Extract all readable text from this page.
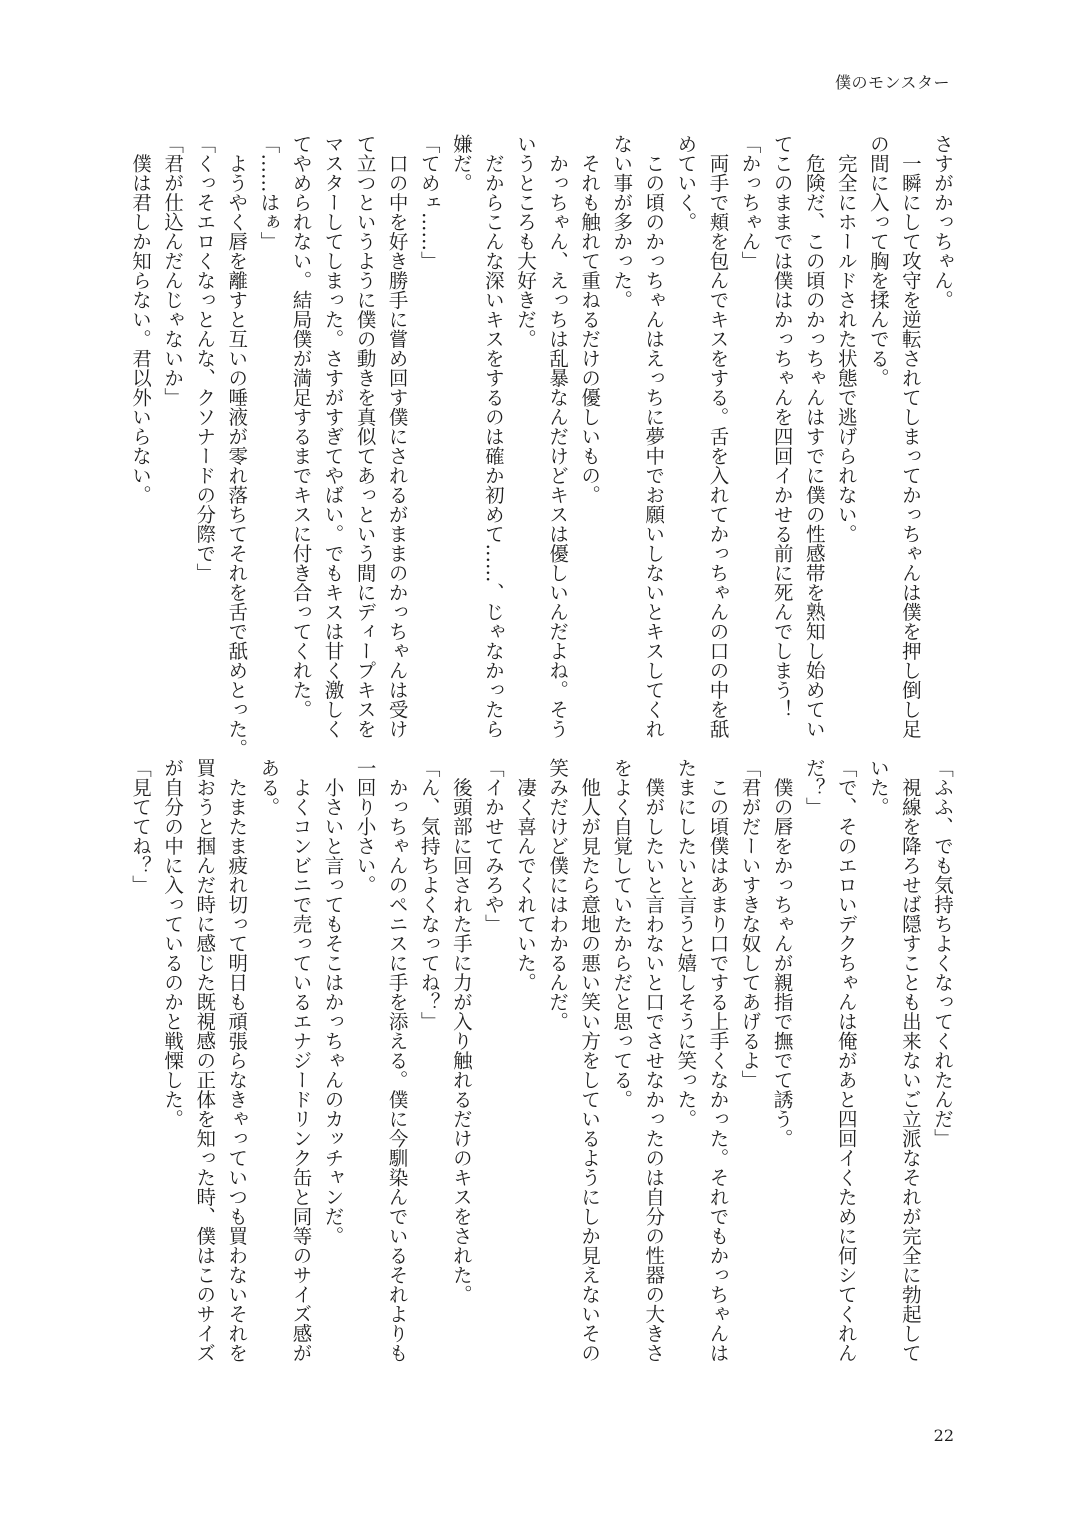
僕のモンスター
さすがかっちゃん。
　一瞬にして攻守を逆転されてしまってかっちゃんは僕を押し倒し足
の間に入って胸を揉んでる。
　完全にホールドされた状態で逃げられない。
　危険だ、この頃のかっちゃんはすでに僕の性感帯を熟知し始めてい
てこのままでは僕はかっちゃんを四回イかせる前に死んでしまう！
「かっちゃん」
　両手で頬を包んでキスをする。舌を入れてかっちゃんの口の中を舐
めていく。
　この頃のかっちゃんはえっちに夢中でお願いしないとキスしてくれ
ない事が多かった。
　それも触れて重ねるだけの優しいもの。
　かっちゃん、えっちは乱暴なんだけどキスは優しいんだよね。そう
いうところも大好きだ。
　だからこんな深いキスをするのは確か初めて……、じゃなかったら
嫌だ。
「てめェ……」
　口の中を好き勝手に嘗め回す僕にされるがままのかっちゃんは受け
て立つというように僕の動きを真似てあっという間にディープキスを
マスターしてしまった。さすがすぎてやばい。でもキスは甘く激しく
てやめられない。結局僕が満足するまでキスに付き合ってくれた。
「……はぁ」
　ようやく唇を離すと互いの唾液が零れ落ちてそれを舌で舐めとった。
「くっそエロくなっとんな、クソナードの分際で」
「君が仕込んだんじゃないか」
　僕は君しか知らない。君以外いらない。
「ふふ、でも気持ちよくなってくれたんだ」
　視線を降ろせば隠すことも出来ないご立派なそれが完全に勃起して
いた。
「で、そのエロいデクちゃんは俺があと四回イくために何シてくれん
だ？」
　僕の唇をかっちゃんが親指で撫でて誘う。
「君がだーいすきな奴してあげるよ」
　この頃僕はあまり口でする上手くなかった。それでもかっちゃんは
たまにしたいと言うと嬉しそうに笑った。
　僕がしたいと言わないと口でさせなかったのは自分の性器の大きさ
をよく自覚していたからだと思ってる。
　他人が見たら意地の悪い笑い方をしているようにしか見えないその
笑みだけど僕にはわかるんだ。
　凄く喜んでくれていた。
「イかせてみろや」
　後頭部に回された手に力が入り触れるだけのキスをされた。
「ん、気持ちよくなってね？」
　かっちゃんのペニスに手を添える。僕に今馴染んでいるそれよりも
一回り小さい。
　小さいと言ってもそこはかっちゃんのカッチャンだ。
　よくコンビニで売っているエナジードリンク缶と同等のサイズ感が
ある。
　たまたま疲れ切って明日も頑張らなきゃっていつも買わないそれを
買おうと掴んだ時に感じた既視感の正体を知った時、僕はこのサイズ
が自分の中に入っているのかと戦慄した。
「見ててね？」
22
